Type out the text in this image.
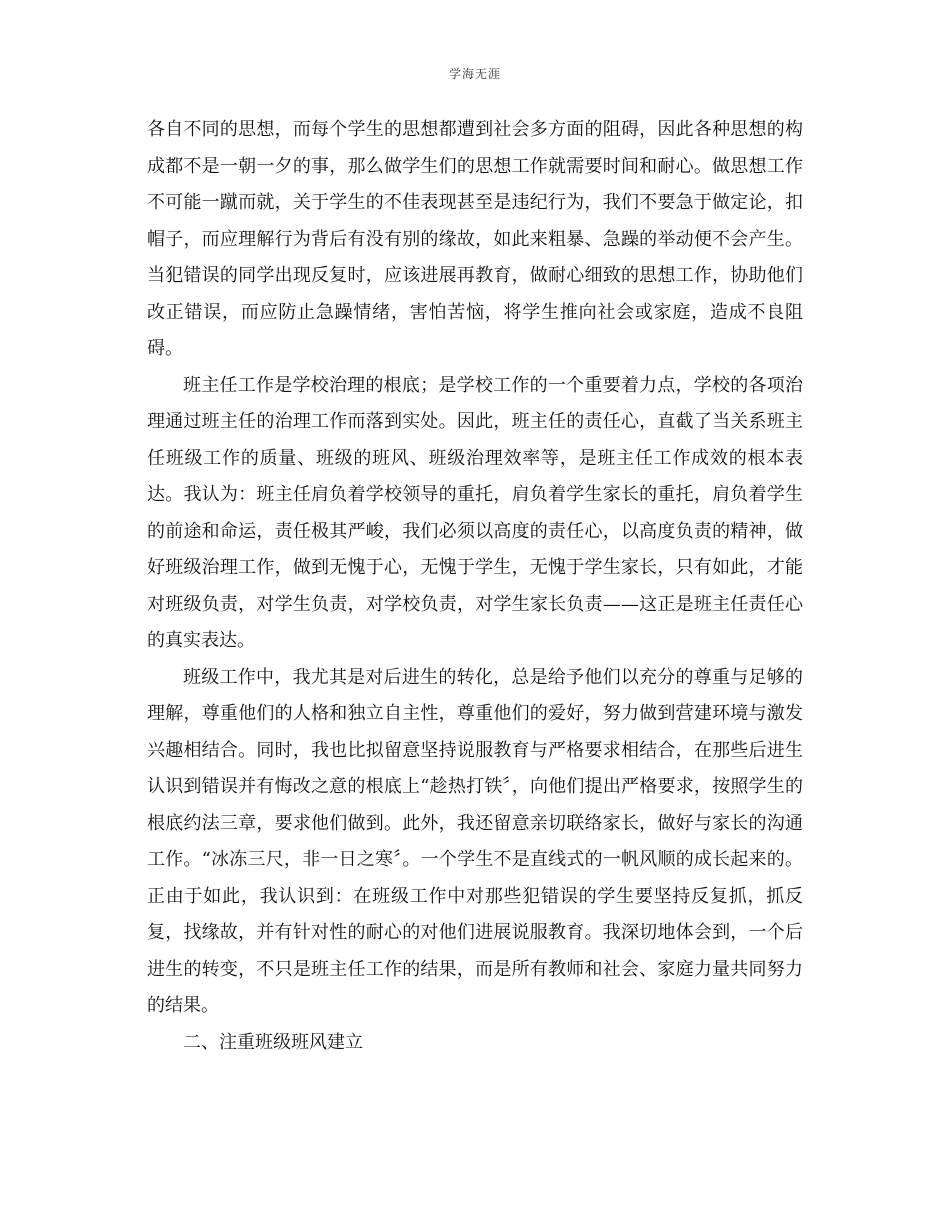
学海无涯

各自不同的思想，而每个学生的思想都遭到社会多方面的阻碍，因此各种思想的构成都不是一朝一夕的事，那么做学生们的思想工作就需要时间和耐心。做思想工作不可能一蹴而就，关于学生的不佳表现甚至是违纪行为，我们不要急于做定论，扣帽子，而应理解行为背后有没有别的缘故，如此来粗暴、急躁的举动便不会产生。当犯错误的同学出现反复时，应该进展再教育，做耐心细致的思想工作，协助他们改正错误，而应防止急躁情绪，害怕苦恼，将学生推向社会或家庭，造成不良阻碍。

班主任工作是学校治理的根底；是学校工作的一个重要着力点，学校的各项治理通过班主任的治理工作而落到实处。因此，班主任的责任心，直截了当关系班主任班级工作的质量、班级的班风、班级治理效率等，是班主任工作成效的根本表达。我认为：班主任肩负着学校领导的重托，肩负着学生家长的重托，肩负着学生的前途和命运，责任极其严峻，我们必须以高度的责任心，以高度负责的精神，做好班级治理工作，做到无愧于心，无愧于学生，无愧于学生家长，只有如此，才能对班级负责，对学生负责，对学校负责，对学生家长负责——这正是班主任责任心的真实表达。

班级工作中，我尤其是对后进生的转化，总是给予他们以充分的尊重与足够的理解，尊重他们的人格和独立自主性，尊重他们的爱好，努力做到营建环境与激发兴趣相结合。同时，我也比拟留意坚持说服教育与严格要求相结合，在那些后进生认识到错误并有悔改之意的根底上“趁热打铁〞，向他们提出严格要求，按照学生的根底约法三章，要求他们做到。此外，我还留意亲切联络家长，做好与家长的沟通工作。“冰冻三尺，非一日之寒〞。一个学生不是直线式的一帆风顺的成长起来的。正由于如此，我认识到：在班级工作中对那些犯错误的学生要坚持反复抓，抓反复，找缘故，并有针对性的耐心的对他们进展说服教育。我深切地体会到，一个后进生的转变，不只是班主任工作的结果，而是所有教师和社会、家庭力量共同努力的结果。

二、注重班级班风建立
